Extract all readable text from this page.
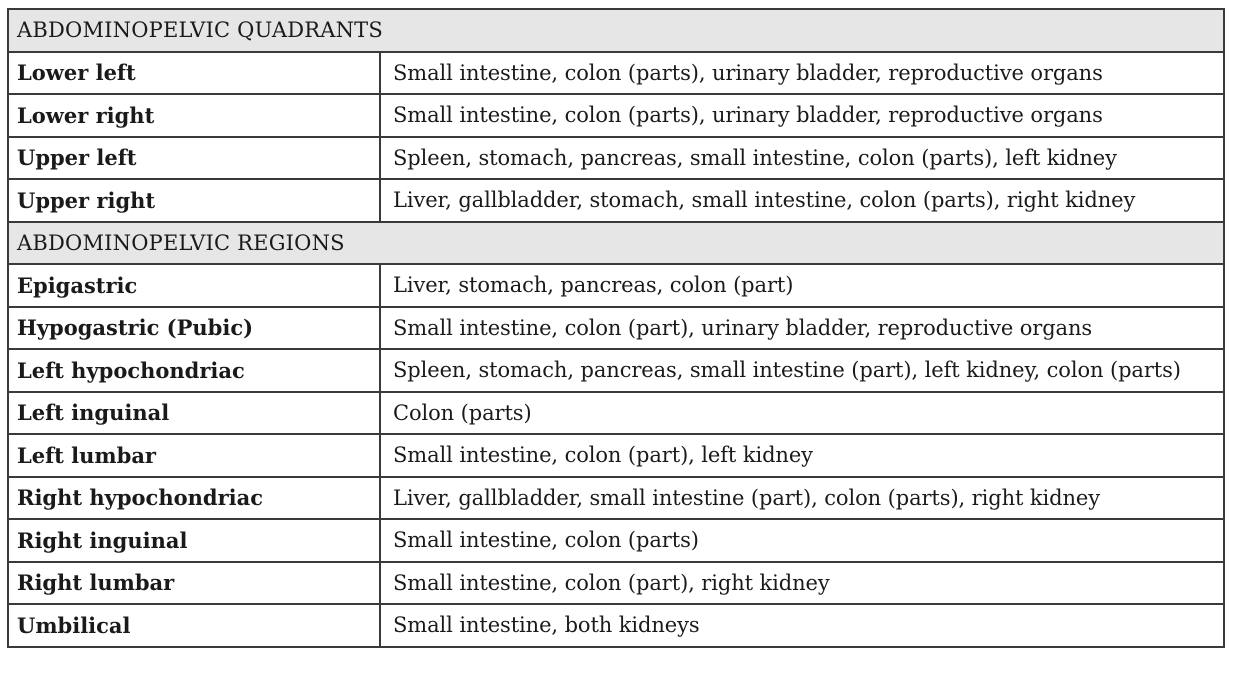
ABDOMINOPELVIC QUADRANTS	
Lower left	Small intestine, colon (parts), urinary bladder, reproductive organs
Lower right	Small intestine, colon (parts), urinary bladder, reproductive organs
Upper left	Spleen, stomach, pancreas, small intestine, colon (parts), left kidney
Upper right	Liver, gallbladder, stomach, small intestine, colon (parts), right kidney
ABDOMINOPELVIC REGIONS	
Epigastric	Liver, stomach, pancreas, colon (part)
Hypogastric (Pubic)	Small intestine, colon (part), urinary bladder, reproductive organs
Left hypochondriac	Spleen, stomach, pancreas, small intestine (part), left kidney, colon (parts)
Left inguinal	Colon (parts)
Left lumbar	Small intestine, colon (part), left kidney
Right hypochondriac	Liver, gallbladder, small intestine (part), colon (parts), right kidney
Right inguinal	Small intestine, colon (parts)
Right lumbar	Small intestine, colon (part), right kidney
Umbilical	Small intestine, both kidneys
